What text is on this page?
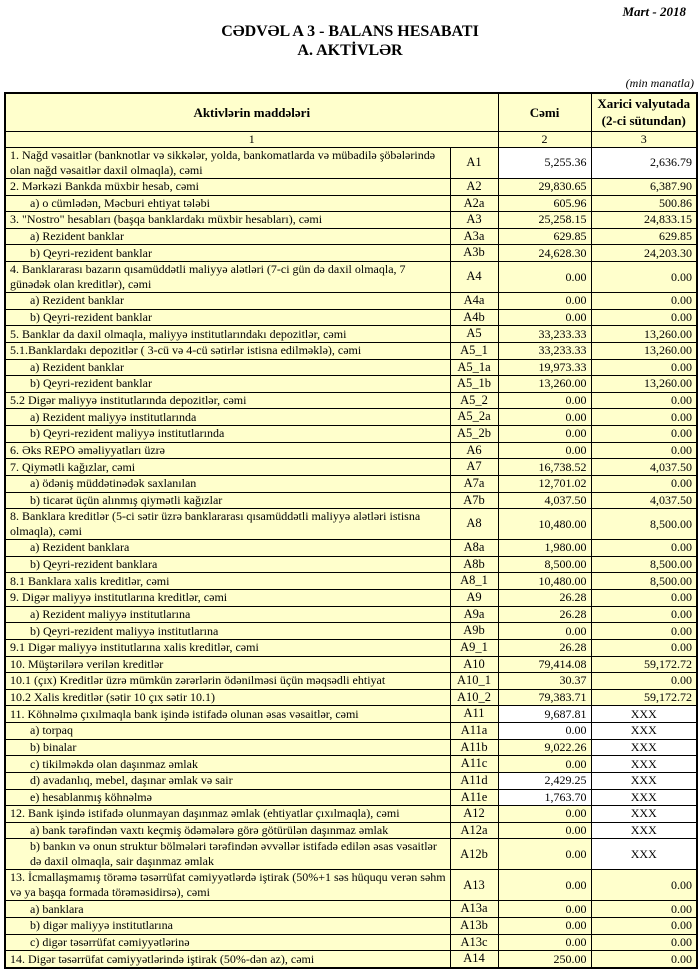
Mart - 2018
CƏDVƏL A 3 - BALANS HESABATI
A. AKTİVLƏR
(min manatla)
Aktivlərin maddələri		Cəmi	Xarici valyutada (2-ci sütundan)
1		2	3
1. Nağd vəsaitlər (banknotlar və sikkələr, yolda, bankomatlarda və mübadilə şöbələrində olan nağd vəsaitlər daxil olmaqla), cəmi	A1	5,255.36	2,636.79
2. Mərkəzi Bankda müxbir hesab, cəmi	A2	29,830.65	6,387.90
a) o cümlədən, Məcburi ehtiyat tələbi	A2a	605.96	500.86
3. "Nostro" hesabları (başqa banklardakı müxbir hesabları), cəmi	A3	25,258.15	24,833.15
a) Rezident banklar	A3a	629.85	629.85
b) Qeyri-rezident banklar	A3b	24,628.30	24,203.30
4. Banklararası bazarın qısamüddətli maliyyə alətləri (7-ci gün də daxil olmaqla, 7 günədək olan kreditlər), cəmi	A4	0.00	0.00
a) Rezident banklar	A4a	0.00	0.00
b) Qeyri-rezident banklar	A4b	0.00	0.00
5. Banklar da daxil olmaqla, maliyyə institutlarındakı depozitlər, cəmi	A5	33,233.33	13,260.00
5.1.Banklardakı depozitlər ( 3-cü və 4-cü sətirlər istisna edilməklə), cəmi	A5_1	33,233.33	13,260.00
a) Rezident banklar	A5_1a	19,973.33	0.00
b) Qeyri-rezident banklar	A5_1b	13,260.00	13,260.00
5.2 Digər maliyyə institutlarında depozitlər, cəmi	A5_2	0.00	0.00
a) Rezident maliyyə institutlarında	A5_2a	0.00	0.00
b) Qeyri-rezident maliyyə institutlarında	A5_2b	0.00	0.00
6. Əks REPO əməliyyatları üzrə	A6	0.00	0.00
7. Qiymətli kağızlar, cəmi	A7	16,738.52	4,037.50
a) ödəniş müddətinədək saxlanılan	A7a	12,701.02	0.00
b) ticarət üçün alınmış qiymətli kağızlar	A7b	4,037.50	4,037.50
8. Banklara kreditlər (5-ci sətir üzrə banklararası qısamüddətli maliyyə alətləri istisna olmaqla), cəmi	A8	10,480.00	8,500.00
a) Rezident banklara	A8a	1,980.00	0.00
b) Qeyri-rezident banklara	A8b	8,500.00	8,500.00
8.1 Banklara xalis kreditlər, cəmi	A8_1	10,480.00	8,500.00
9. Digər maliyyə institutlarına kreditlər, cəmi	A9	26.28	0.00
a) Rezident maliyyə institutlarına	A9a	26.28	0.00
b) Qeyri-rezident maliyyə institutlarına	A9b	0.00	0.00
9.1 Digər maliyyə institutlarına xalis kreditlər, cəmi	A9_1	26.28	0.00
10. Müştərilərə verilən kreditlər	A10	79,414.08	59,172.72
10.1 (çıx) Kreditlər üzrə mümkün zərərlərin ödənilməsi üçün məqsədli ehtiyat	A10_1	30.37	0.00
10.2 Xalis kreditlər (sətir 10 çıx sətir 10.1)	A10_2	79,383.71	59,172.72
11. Köhnəlmə çıxılmaqla bank işində istifadə olunan əsas vəsaitlər, cəmi	A11	9,687.81	XXX
a) torpaq	A11a	0.00	XXX
b) binalar	A11b	9,022.26	XXX
c) tikilməkdə olan daşınmaz əmlak	A11c	0.00	XXX
d) avadanlıq, mebel, daşınar əmlak və sair	A11d	2,429.25	XXX
e) hesablanmış köhnəlmə	A11e	1,763.70	XXX
12. Bank işində istifadə olunmayan daşınmaz əmlak (ehtiyatlar çıxılmaqla), cəmi	A12	0.00	XXX
a) bank tərəfindən vaxtı keçmiş ödəmələrə görə götürülən daşınmaz əmlak	A12a	0.00	XXX
b) bankın və onun struktur bölmələri tərəfindən əvvəllər istifadə edilən əsas vəsaitlər də daxil olmaqla, sair daşınmaz əmlak	A12b	0.00	XXX
13. İcmallaşmamış törəmə təsərrüfat cəmiyyətlərdə iştirak (50%+1 səs hüququ verən səhm və ya başqa formada törəməsidirsə), cəmi	A13	0.00	0.00
a) banklara	A13a	0.00	0.00
b) digər maliyyə institutlarına	A13b	0.00	0.00
c) digər təsərrüfat cəmiyyətlərinə	A13c	0.00	0.00
14. Digər təsərrüfat cəmiyyətlərində iştirak (50%-dən az), cəmi	A14	250.00	0.00
